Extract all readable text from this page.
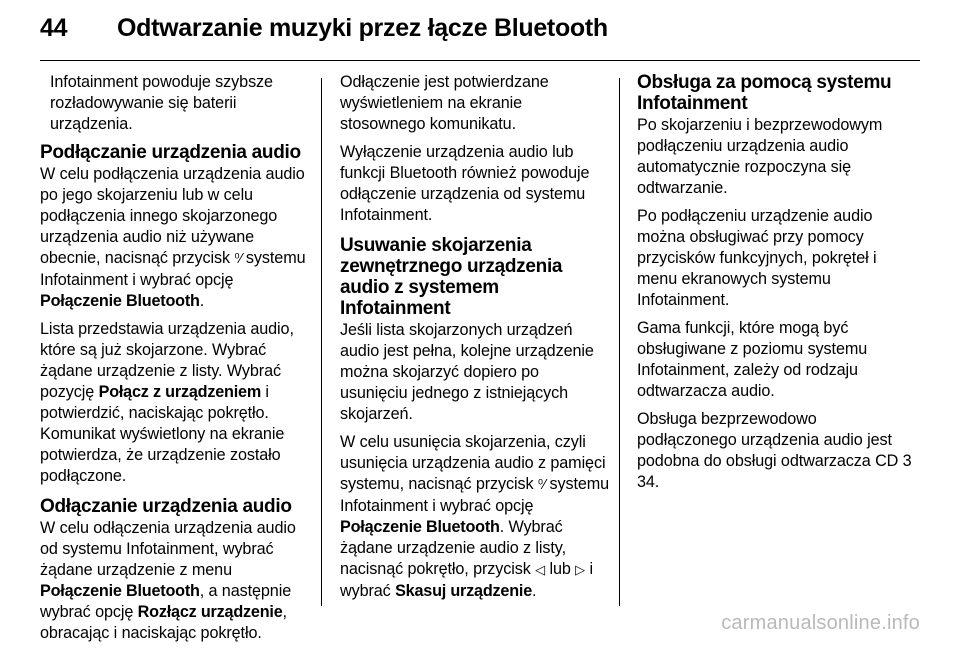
44 Odtwarzanie muzyki przez łącze Bluetooth

Infotainment powoduje szybsze rozładowywanie się baterii urządzenia.

Podłączanie urządzenia audio

W celu podłączenia urządzenia audio po jego skojarzeniu lub w celu podłączenia innego skojarzonego urządzenia audio niż używane obecnie, nacisnąć przycisk ⁰⁄ systemu Infotainment i wybrać opcję Połączenie Bluetooth.

Lista przedstawia urządzenia audio, które są już skojarzone. Wybrać żądane urządzenie z listy. Wybrać pozycję Połącz z urządzeniem i potwierdzić, naciskając pokrętło. Komunikat wyświetlony na ekranie potwierdza, że urządzenie zostało podłączone.

Odłączanie urządzenia audio

W celu odłączenia urządzenia audio od systemu Infotainment, wybrać żądane urządzenie z menu Połączenie Bluetooth, a następnie wybrać opcję Rozłącz urządzenie, obracając i naciskając pokrętło.

Odłączenie jest potwierdzane wyświetleniem na ekranie stosownego komunikatu.

Wyłączenie urządzenia audio lub funkcji Bluetooth również powoduje odłączenie urządzenia od systemu Infotainment.

Usuwanie skojarzenia zewnętrznego urządzenia audio z systemem Infotainment

Jeśli lista skojarzonych urządzeń audio jest pełna, kolejne urządzenie można skojarzyć dopiero po usunięciu jednego z istniejących skojarzeń.

W celu usunięcia skojarzenia, czyli usunięcia urządzenia audio z pamięci systemu, nacisnąć przycisk ⁰⁄ systemu Infotainment i wybrać opcję Połączenie Bluetooth. Wybrać żądane urządzenie audio z listy, nacisnąć pokrętło, przycisk ◁ lub ▷ i wybrać Skasuj urządzenie.

Obsługa za pomocą systemu Infotainment

Po skojarzeniu i bezprzewodowym podłączeniu urządzenia audio automatycznie rozpoczyna się odtwarzanie.

Po podłączeniu urządzenie audio można obsługiwać przy pomocy przycisków funkcyjnych, pokręteł i menu ekranowych systemu Infotainment.

Gama funkcji, które mogą być obsługiwane z poziomu systemu Infotainment, zależy od rodzaju odtwarzacza audio.

Obsługa bezprzewodowo podłączonego urządzenia audio jest podobna do obsługi odtwarzacza CD 3 34.

carmanualsonline.info
